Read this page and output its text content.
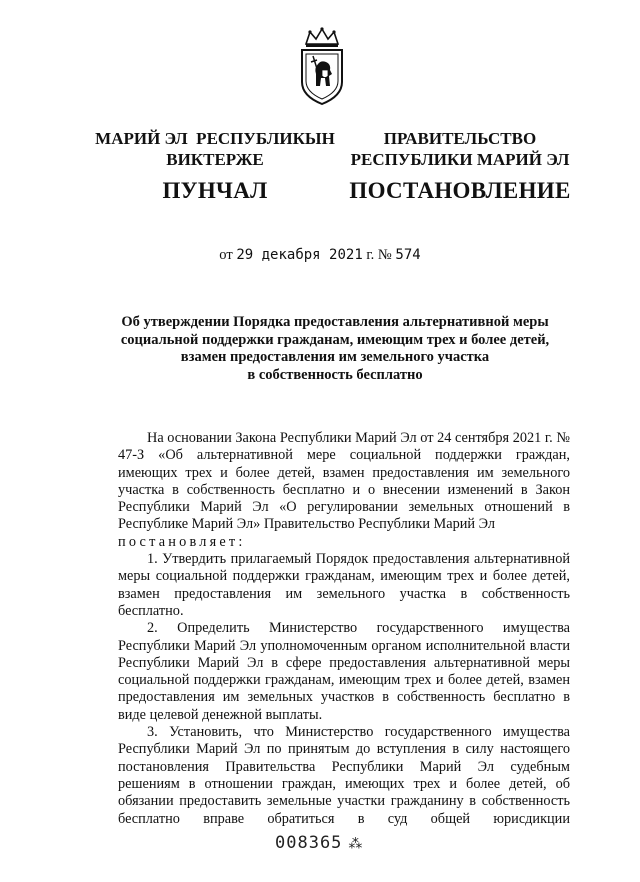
МАРИЙ ЭЛ  РЕСПУБЛИКЫН
ВИКТЕРЖЕ
ПУНЧАЛ
ПРАВИТЕЛЬСТВО
РЕСПУБЛИКИ МАРИЙ ЭЛ
ПОСТАНОВЛЕНИЕ
от 29 декабря 2021 г. № 574
Об утверждении Порядка предоставления альтернативной меры
социальной поддержки гражданам, имеющим трех и более детей,
взамен предоставления им земельного участка
в собственность бесплатно

На основании Закона Республики Марий Эл от 24 сентября 2021 г. № 47-З «Об альтернативной мере социальной поддержки граждан, имеющих трех и более детей, взамен предоставления им земельного участка в собственность бесплатно и о внесении изменений в Закон Республики Марий Эл «О регулировании земельных отношений в Республике Марий Эл» Правительство Республики Марий Эл

постановляет:

1. Утвердить прилагаемый Порядок предоставления альтернативной меры социальной поддержки гражданам, имеющим трех и более детей, взамен предоставления им земельного участка в собственность бесплатно.

2. Определить Министерство государственного имущества Республики Марий Эл уполномоченным органом исполнительной власти Республики Марий Эл в сфере предоставления альтернативной меры социальной поддержки гражданам, имеющим трех и более детей, взамен предоставления им земельных участков в собственность бесплатно в виде целевой денежной выплаты.

3. Установить, что Министерство государственного имущества Республики Марий Эл по принятым до вступления в силу настоящего постановления Правительства Республики Марий Эл судебным решениям в отношении граждан, имеющих трех и более детей, об обязании предоставить земельные участки гражданину в собственность бесплатно вправе обратиться в суд общей юрисдикции

008365 ⁂
